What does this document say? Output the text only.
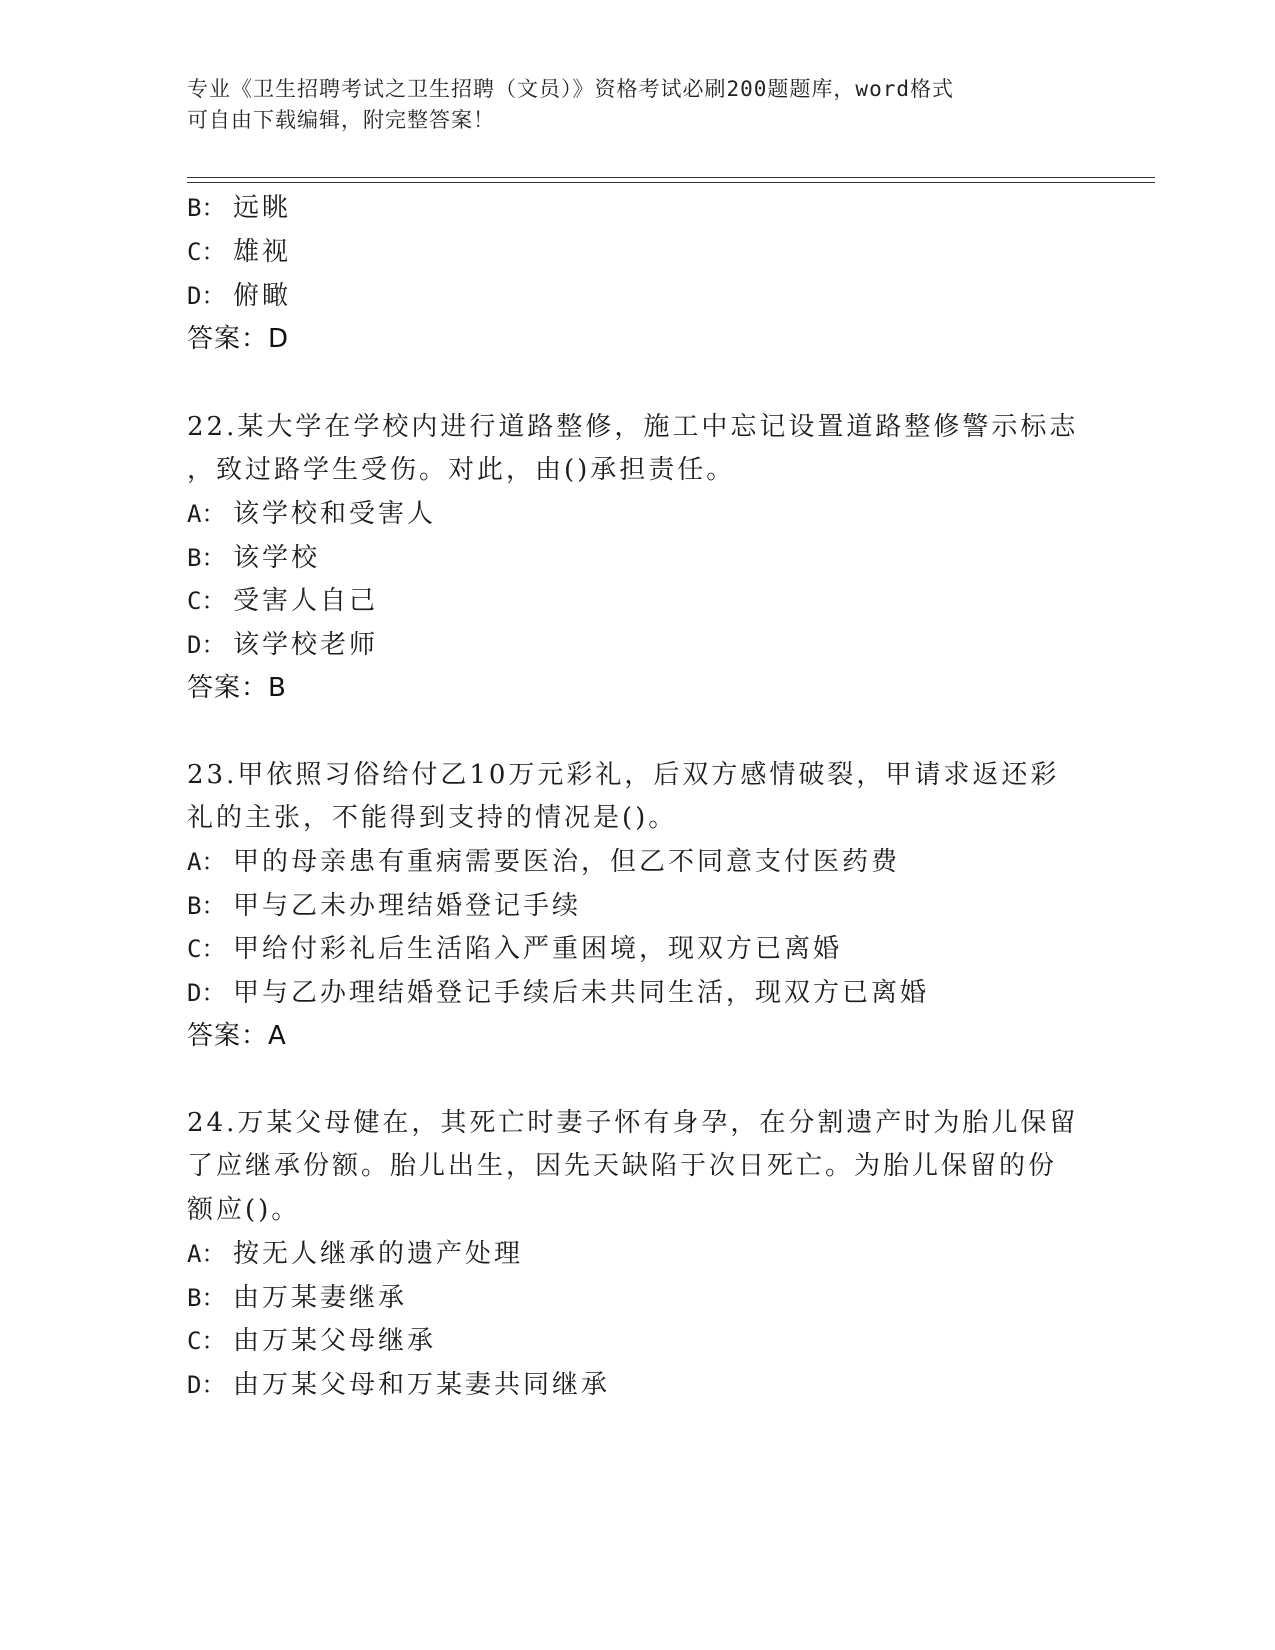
专业《卫生招聘考试之卫生招聘（文员）》资格考试必刷200题题库，word格式
可自由下载编辑，附完整答案！
B： 远眺
C： 雄视
D： 俯瞰
答案：D
22.某大学在学校内进行道路整修，施工中忘记设置道路整修警示标志
，致过路学生受伤。对此，由()承担责任。
A： 该学校和受害人
B： 该学校
C： 受害人自己
D： 该学校老师
答案：B
23.甲依照习俗给付乙10万元彩礼，后双方感情破裂，甲请求返还彩
礼的主张，不能得到支持的情况是()。
A： 甲的母亲患有重病需要医治，但乙不同意支付医药费
B： 甲与乙未办理结婚登记手续
C： 甲给付彩礼后生活陷入严重困境，现双方已离婚
D： 甲与乙办理结婚登记手续后未共同生活，现双方已离婚
答案：A
24.万某父母健在，其死亡时妻子怀有身孕，在分割遗产时为胎儿保留
了应继承份额。胎儿出生，因先天缺陷于次日死亡。为胎儿保留的份
额应()。
A： 按无人继承的遗产处理
B： 由万某妻继承
C： 由万某父母继承
D： 由万某父母和万某妻共同继承
